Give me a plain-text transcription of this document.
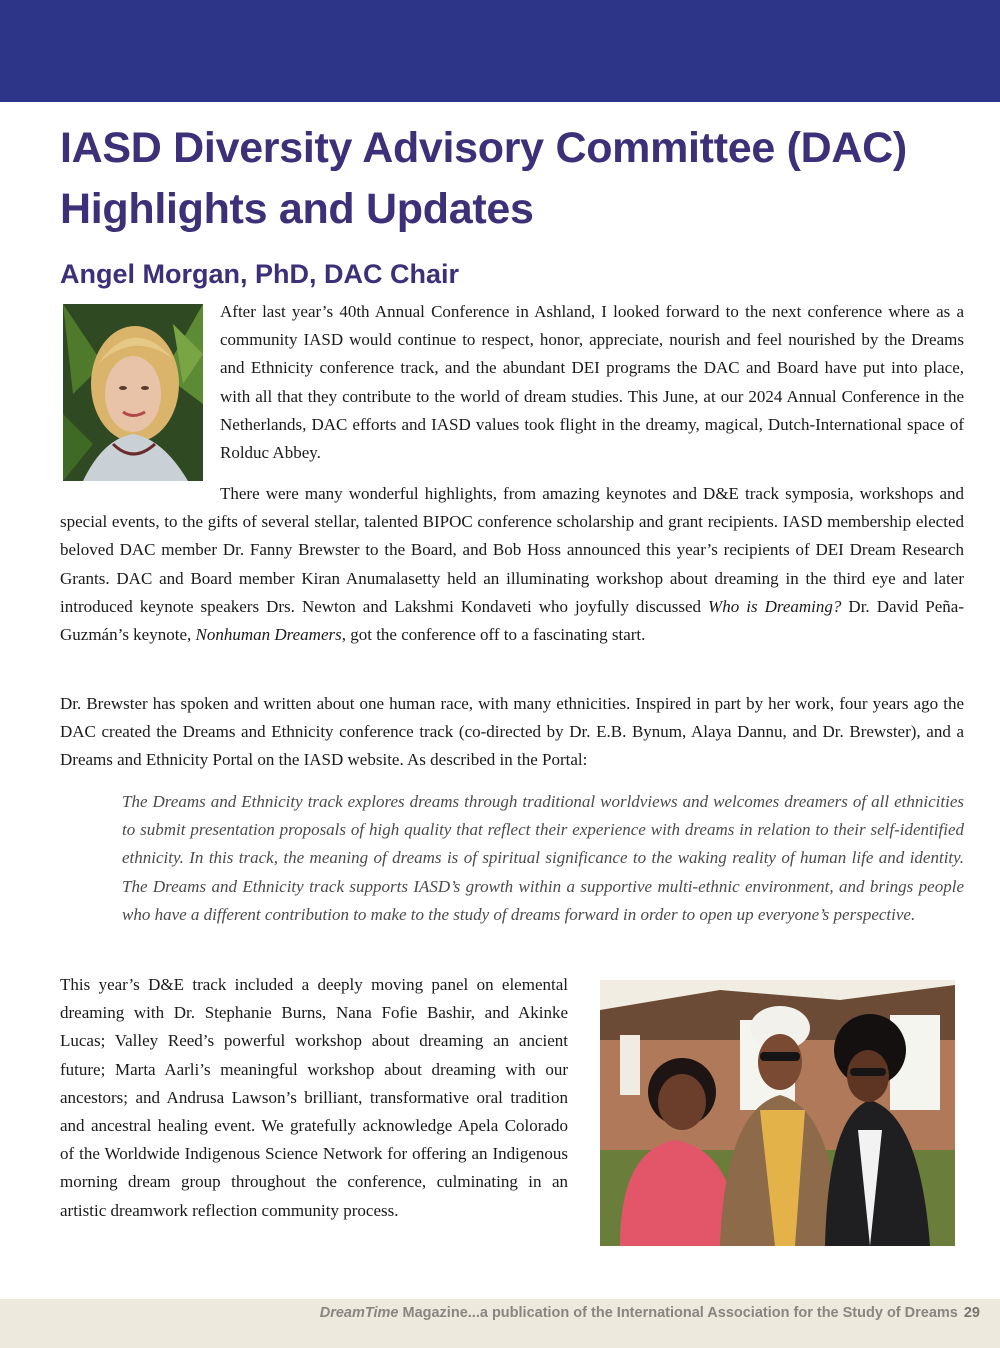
IASD Diversity Advisory Committee (DAC) Highlights and Updates
Angel Morgan, PhD, DAC Chair

After last year’s 40th Annual Conference in Ashland, I looked forward to the next conference where as a community IASD would continue to respect, honor, appreciate, nourish and feel nourished by the Dreams and Ethnicity conference track, and the abundant DEI programs the DAC and Board have put into place, with all that they contribute to the world of dream studies. This June, at our 2024 Annual Conference in the Netherlands, DAC efforts and IASD values took flight in the dreamy, magical, Dutch-International space of Rolduc Abbey.

There were many wonderful highlights, from amazing keynotes and D&E track symposia, workshops and special events, to the gifts of several stellar, talented BIPOC conference scholarship and grant recipients. IASD membership elected beloved DAC member Dr. Fanny Brewster to the Board, and Bob Hoss announced this year’s recipients of DEI Dream Research Grants. DAC and Board member Kiran Anumalasetty held an illuminating workshop about dreaming in the third eye and later introduced keynote speakers Drs. Newton and Lakshmi Kondaveti who joyfully discussed Who is Dreaming? Dr. David Peña-Guzmán’s keynote, Nonhuman Dreamers, got the conference off to a fascinating start.

Dr. Brewster has spoken and written about one human race, with many ethnicities. Inspired in part by her work, four years ago the DAC created the Dreams and Ethnicity conference track (co-directed by Dr. E.B. Bynum, Alaya Dannu, and Dr. Brewster), and a Dreams and Ethnicity Portal on the IASD website. As described in the Portal:

The Dreams and Ethnicity track explores dreams through traditional worldviews and welcomes dreamers of all ethnicities to submit presentation proposals of high quality that reflect their experience with dreams in relation to their self-identified ethnicity. In this track, the meaning of dreams is of spiritual significance to the waking reality of human life and identity. The Dreams and Ethnicity track supports IASD’s growth within a supportive multi-ethnic environment, and brings people who have a different contribution to make to the study of dreams forward in order to open up everyone’s perspective.

This year’s D&E track included a deeply moving panel on elemental dreaming with Dr. Stephanie Burns, Nana Fofie Bashir, and Akinke Lucas; Valley Reed’s powerful workshop about dreaming an ancient future; Marta Aarli’s meaningful workshop about dreaming with our ancestors; and Andrusa Lawson’s brilliant, transformative oral tradition and ancestral healing event. We gratefully acknowledge Apela Colorado of the Worldwide Indigenous Science Network for offering an Indigenous morning dream group throughout the conference, culminating in an artistic dreamwork reflection community process.

DreamTime Magazine...a publication of the International Association for the Study of Dreams 29
